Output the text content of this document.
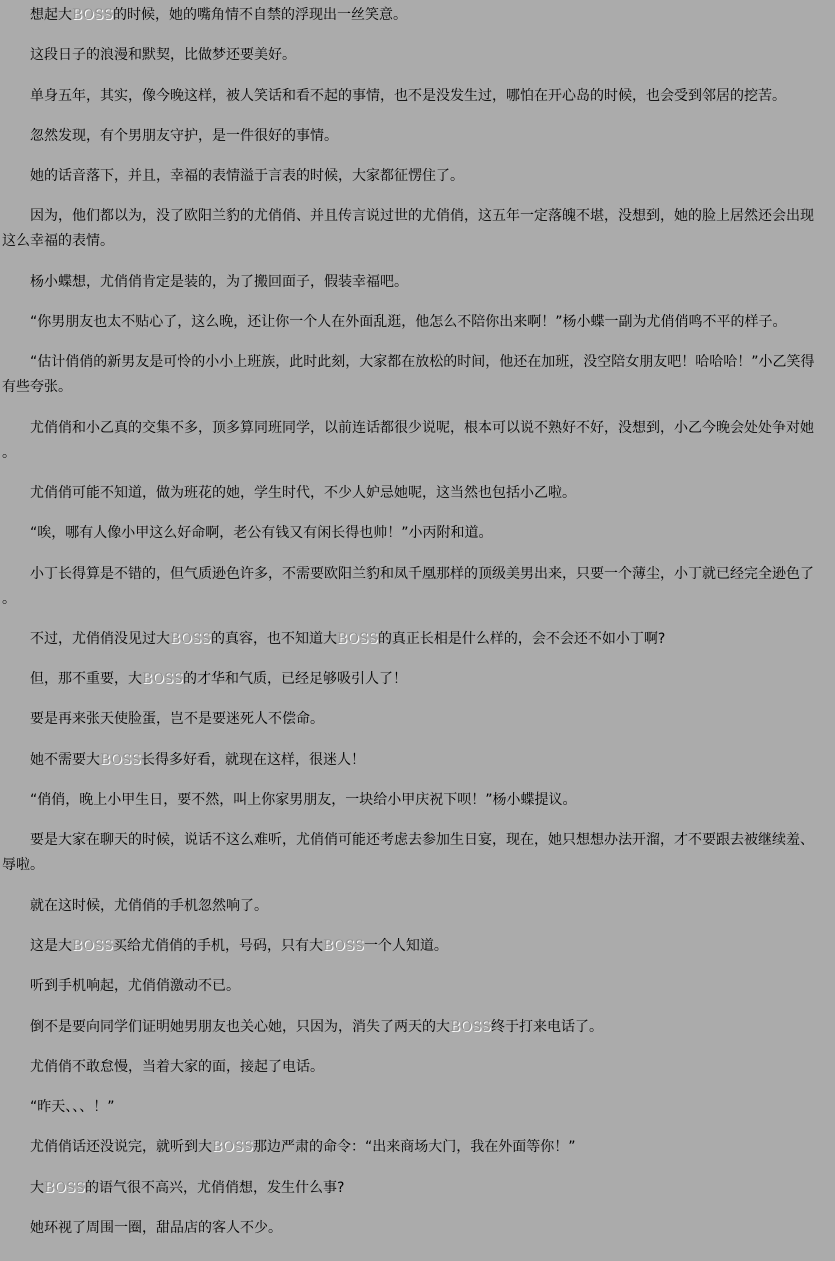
想起大BOSS的时候，她的嘴角情不自禁的浮现出一丝笑意。

这段日子的浪漫和默契，比做梦还要美好。

单身五年，其实，像今晚这样，被人笑话和看不起的事情，也不是没发生过，哪怕在开心岛的时候，也会受到邻居的挖苦。

忽然发现，有个男朋友守护，是一件很好的事情。

她的话音落下，并且，幸福的表情溢于言表的时候，大家都征愣住了。

因为，他们都以为，没了欧阳兰豹的尤俏俏、并且传言说过世的尤俏俏，这五年一定落魄不堪，没想到，她的脸上居然还会出现这么幸福的表情。

杨小蝶想，尤俏俏肯定是装的，为了搬回面子，假装幸福吧。

“你男朋友也太不贴心了，这么晚，还让你一个人在外面乱逛，他怎么不陪你出来啊！”杨小蝶一副为尤俏俏鸣不平的样子。

“估计俏俏的新男友是可怜的小小上班族，此时此刻，大家都在放松的时间，他还在加班，没空陪女朋友吧！哈哈哈！”小乙笑得有些夸张。

尤俏俏和小乙真的交集不多，顶多算同班同学，以前连话都很少说呢，根本可以说不熟好不好，没想到，小乙今晚会处处争对她。

尤俏俏可能不知道，做为班花的她，学生时代，不少人妒忌她呢，这当然也包括小乙啦。

“唉，哪有人像小甲这么好命啊，老公有钱又有闲长得也帅！”小丙附和道。

小丁长得算是不错的，但气质逊色许多，不需要欧阳兰豹和凤千凰那样的顶级美男出来，只要一个薄尘，小丁就已经完全逊色了。

不过，尤俏俏没见过大BOSS的真容，也不知道大BOSS的真正长相是什么样的，会不会还不如小丁啊?

但，那不重要，大BOSS的才华和气质，已经足够吸引人了！

要是再来张天使脸蛋，岂不是要迷死人不偿命。

她不需要大BOSS长得多好看，就现在这样，很迷人！

“俏俏，晚上小甲生日，要不然，叫上你家男朋友，一块给小甲庆祝下呗！”杨小蝶提议。

要是大家在聊天的时候，说话不这么难听，尤俏俏可能还考虑去参加生日宴，现在，她只想想办法开溜，才不要跟去被继续羞、辱啦。

就在这时候，尤俏俏的手机忽然响了。

这是大BOSS买给尤俏俏的手机，号码，只有大BOSS一个人知道。

听到手机响起，尤俏俏激动不已。

倒不是要向同学们证明她男朋友也关心她，只因为，消失了两天的大BOSS终于打来电话了。

尤俏俏不敢怠慢，当着大家的面，接起了电话。

“昨天、、、！”

尤俏俏话还没说完，就听到大BOSS那边严肃的命令：“出来商场大门，我在外面等你！”

大BOSS的语气很不高兴，尤俏俏想，发生什么事?

她环视了周围一圈，甜品店的客人不少。
